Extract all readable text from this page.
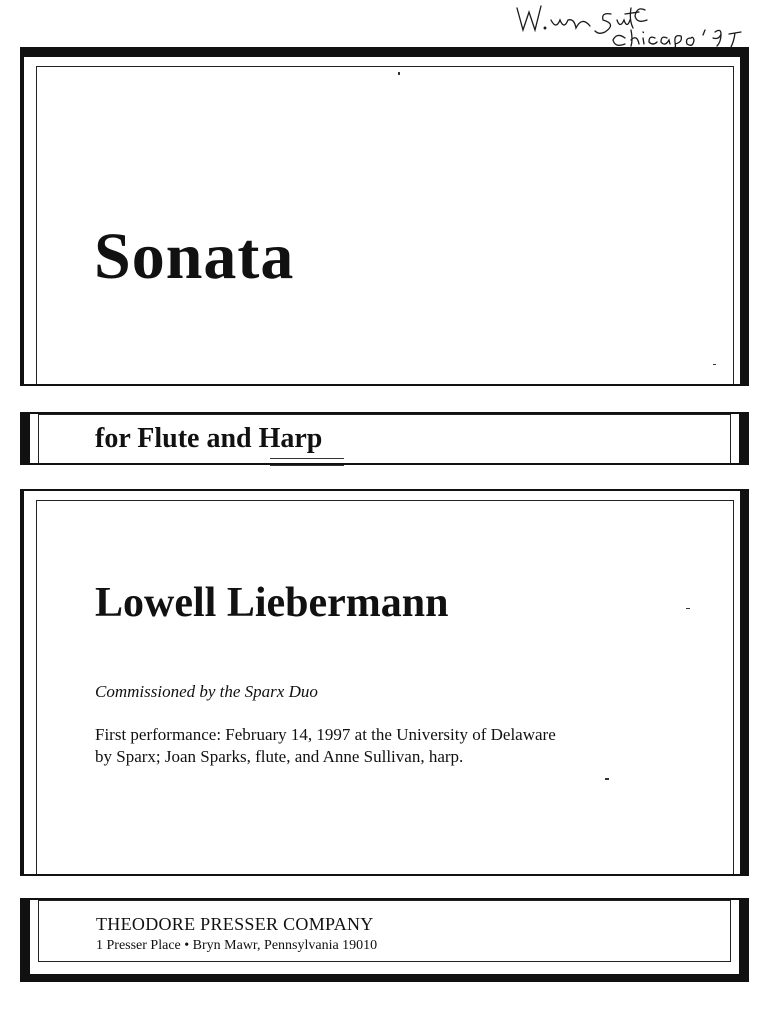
Sonata
for Flute and Harp
Lowell Liebermann
Commissioned by the Sparx Duo
First performance: February 14, 1997 at the University of Delaware
by Sparx; Joan Sparks, flute, and Anne Sullivan, harp.
THEODORE PRESSER COMPANY
1 Presser Place • Bryn Mawr, Pennsylvania 19010
